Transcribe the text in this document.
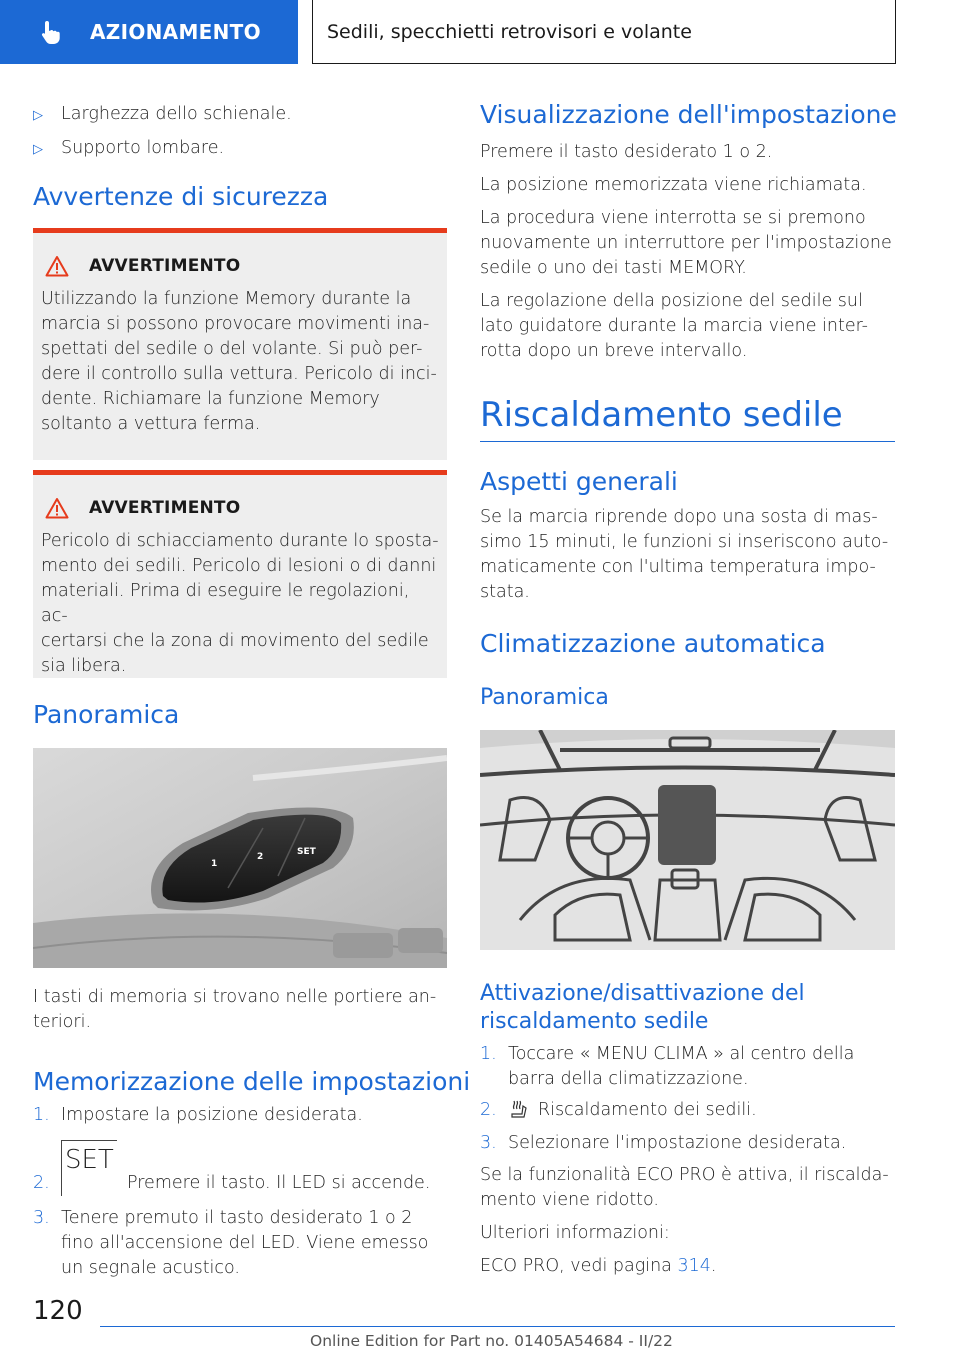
AZIONAMENTO	Sedili, specchietti retrovisori e volante
▷	Larghezza dello schienale.
▷	Supporto lombare.
Avvertenze di sicurezza
AVVERTIMENTO
Utilizzando la funzione Memory durante la
marcia si possono provocare movimenti ina-
spettati del sedile o del volante. Si può per-
dere il controllo sulla vettura. Pericolo di inci-
dente. Richiamare la funzione Memory
soltanto a vettura ferma.
AVVERTIMENTO
Pericolo di schiacciamento durante lo sposta-
mento dei sedili. Pericolo di lesioni o di danni
materiali. Prima di eseguire le regolazioni, ac-
certarsi che la zona di movimento del sedile
sia libera.
Panoramica
1
2	SET
I tasti di memoria si trovano nelle portiere an-
teriori.
Memorizzazione delle impostazioni
1. Impostare la posizione desiderata.
2.
SET
Premere il tasto. Il LED si accende.
3. Tenere premuto il tasto desiderato 1 o 2
fino all'accensione del LED. Viene emesso
un segnale acustico.
Visualizzazione dell'impostazione
Premere il tasto desiderato 1 o 2.
La posizione memorizzata viene richiamata.
La procedura viene interrotta se si premono
nuovamente un interruttore per l'impostazione
sedile o uno dei tasti MEMORY.
La regolazione della posizione del sedile sul
lato guidatore durante la marcia viene inter-
rotta dopo un breve intervallo.
Riscaldamento sedile
Aspetti generali
Se la marcia riprende dopo una sosta di mas-
simo 15 minuti, le funzioni si inseriscono auto-
maticamente con l'ultima temperatura impo-
stata.
Climatizzazione automatica
Panoramica
Attivazione/disattivazione del
riscaldamento sedile
1. Toccare « MENU CLIMA » al centro della
barra della climatizzazione.
2.	Riscaldamento dei sedili.
3. Selezionare l'impostazione desiderata.
Se la funzionalità ECO PRO è attiva, il riscalda-
mento viene ridotto.
Ulteriori informazioni:
ECO PRO, vedi pagina 314.
120
Online Edition for Part no. 01405A54684 - II/22
